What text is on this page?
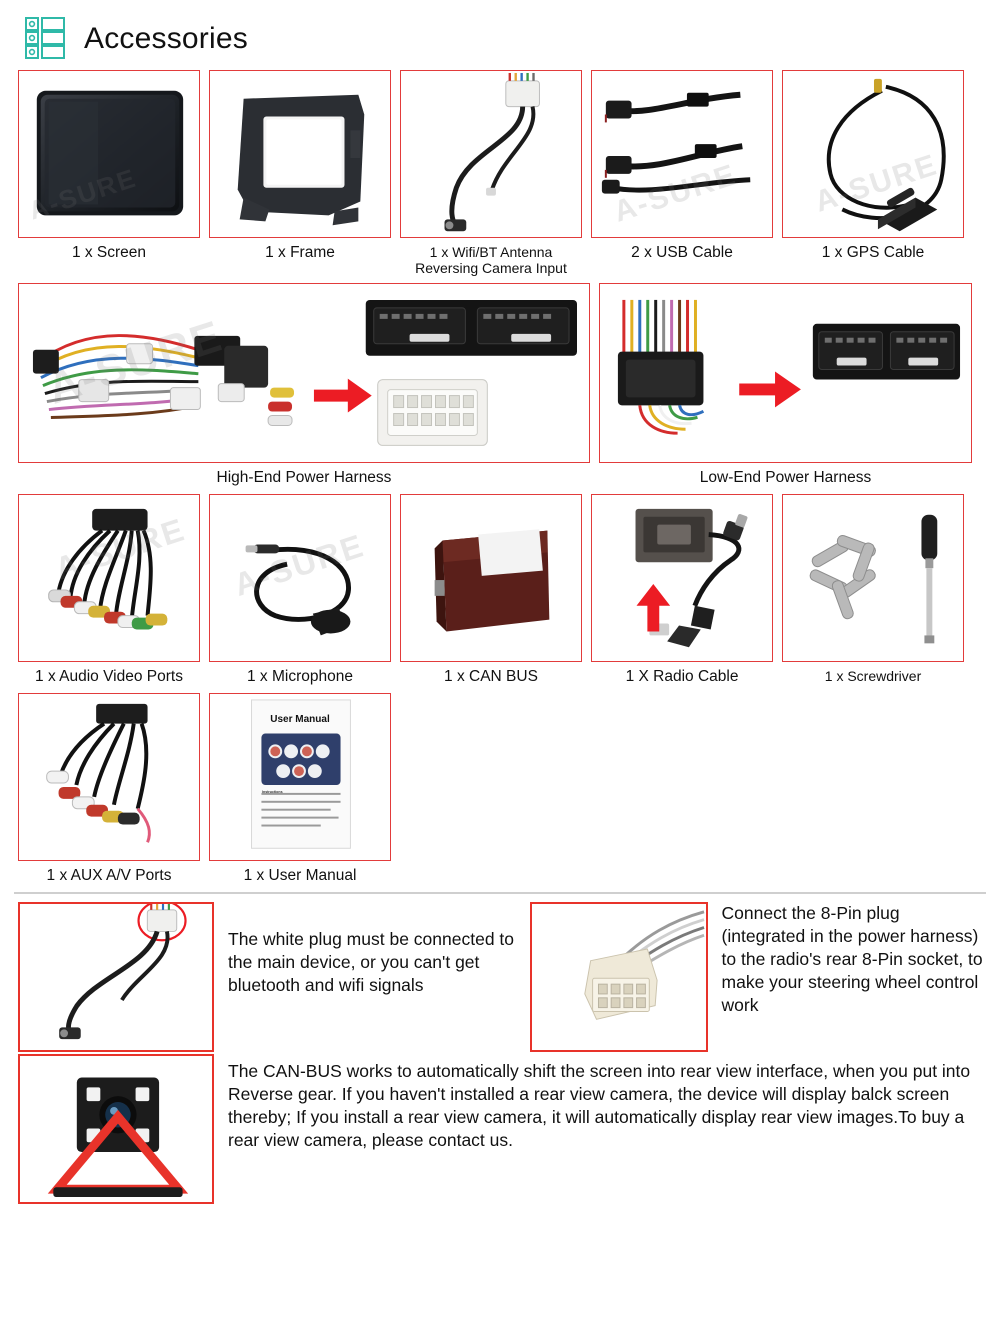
Accessories
1 x Screen	1 x Frame	1 x Wifi/BT Antenna
Reversing Camera Input
A-SURE
2 x USB Cable
A-SURE
1 x GPS Cable
High-End Power Harness	Low-End Power Harness
A-SURE
1 x Audio Video Ports
A-SURE
1 x Microphone	1 x CAN BUS	1 X Radio Cable	1 x Screwdriver
1 x AUX A/V Ports
User Manual
Instructions
1 x User Manual
The white plug must be connected to the main device, or you can't get bluetooth and wifi signals
Connect the 8-Pin plug (integrated in the power harness) to the radio's rear 8-Pin socket, to make your steering wheel control work
The CAN-BUS works to automatically shift the screen into rear view interface, when you put into Reverse gear. If you haven't installed a rear view camera, the device will display balck screen thereby; If you install a rear view camera, it will automatically display rear view images.To buy a rear view camera, please contact us.
